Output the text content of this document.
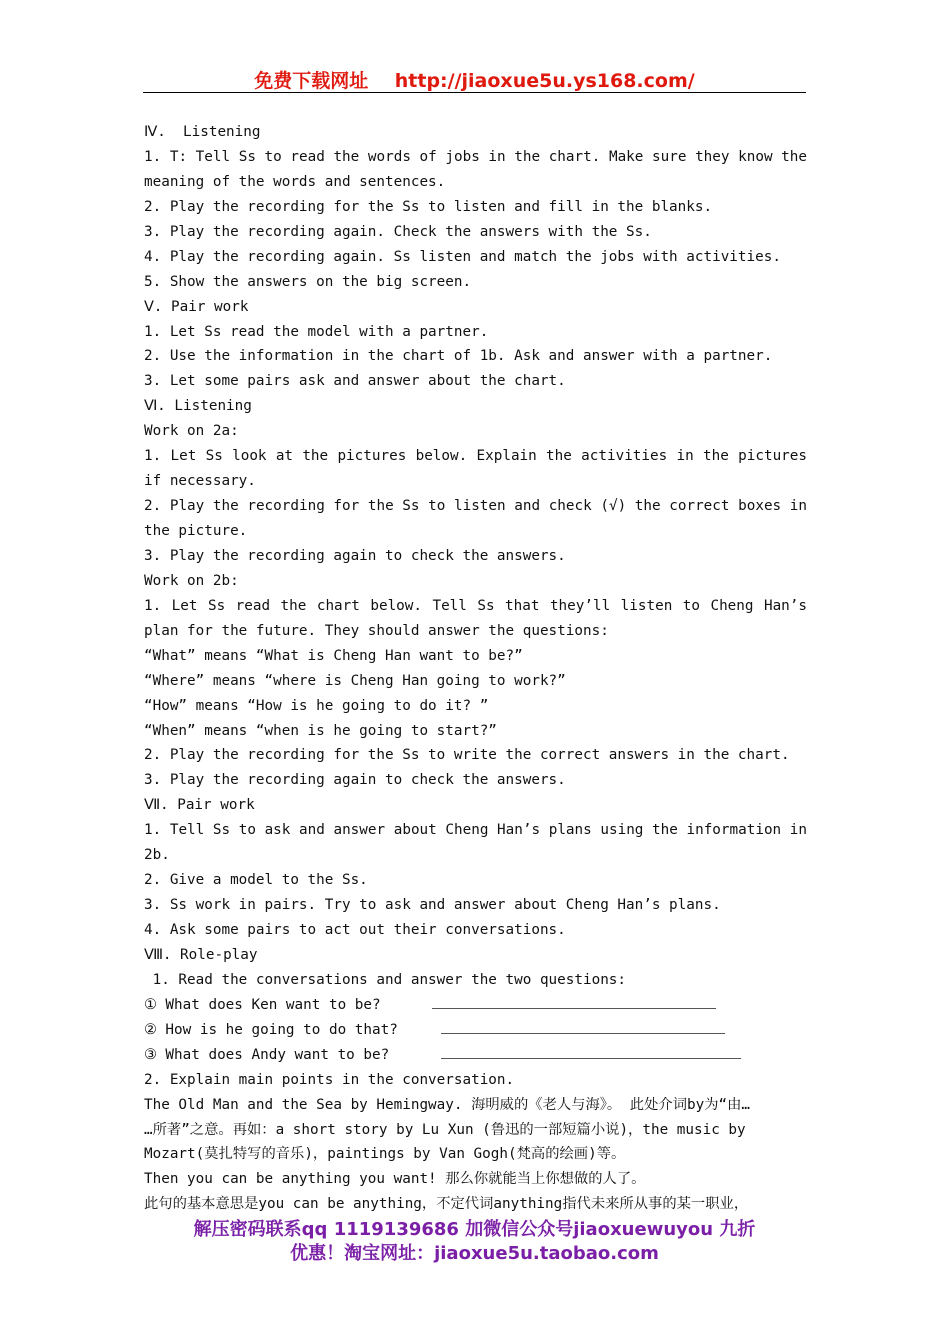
免费下载网址 http://jiaoxue5u.ys168.com/
Ⅳ.  Listening
1. T: Tell Ss to read the words of jobs in the chart. Make sure they know the
meaning of the words and sentences.
2. Play the recording for the Ss to listen and fill in the blanks.
3. Play the recording again. Check the answers with the Ss.
4. Play the recording again. Ss listen and match the jobs with activities.
5. Show the answers on the big screen.
Ⅴ. Pair work
1. Let Ss read the model with a partner.
2. Use the information in the chart of 1b. Ask and answer with a partner.
3. Let some pairs ask and answer about the chart.
Ⅵ. Listening
Work on 2a:
1. Let Ss look at the pictures below. Explain the activities in the pictures
if necessary.
2. Play the recording for the Ss to listen and check (√) the correct boxes in
the picture.
3. Play the recording again to check the answers.
Work on 2b:
1. Let Ss read the chart below. Tell Ss that they’ll listen to Cheng Han’s
plan for the future. They should answer the questions:
“What” means “What is Cheng Han want to be?”
“Where” means “where is Cheng Han going to work?”
“How” means “How is he going to do it? ”
“When” means “when is he going to start?”
2. Play the recording for the Ss to write the correct answers in the chart.
3. Play the recording again to check the answers.
Ⅶ. Pair work
1. Tell Ss to ask and answer about Cheng Han’s plans using the information in
2b.
2. Give a model to the Ss.
3. Ss work in pairs. Try to ask and answer about Cheng Han’s plans.
4. Ask some pairs to act out their conversations.
Ⅷ. Role-play
1. Read the conversations and answer the two questions:
① What does Ken want to be?
② How is he going to do that?
③ What does Andy want to be?
2. Explain main points in the conversation.
The Old Man and the Sea by Hemingway. 海明威的《老人与海》。 此处介词by为“由…
…所著”之意。再如：a short story by Lu Xun (鲁迅的一部短篇小说)，the music by
Mozart(莫扎特写的音乐)，paintings by Van Gogh(梵高的绘画)等。
Then you can be anything you want! 那么你就能当上你想做的人了。
此句的基本意思是you can be anything，不定代词anything指代未来所从事的某一职业，
解压密码联系qq 1119139686 加微信公众号jiaoxuewuyou 九折
优惠！淘宝网址：jiaoxue5u.taobao.com
